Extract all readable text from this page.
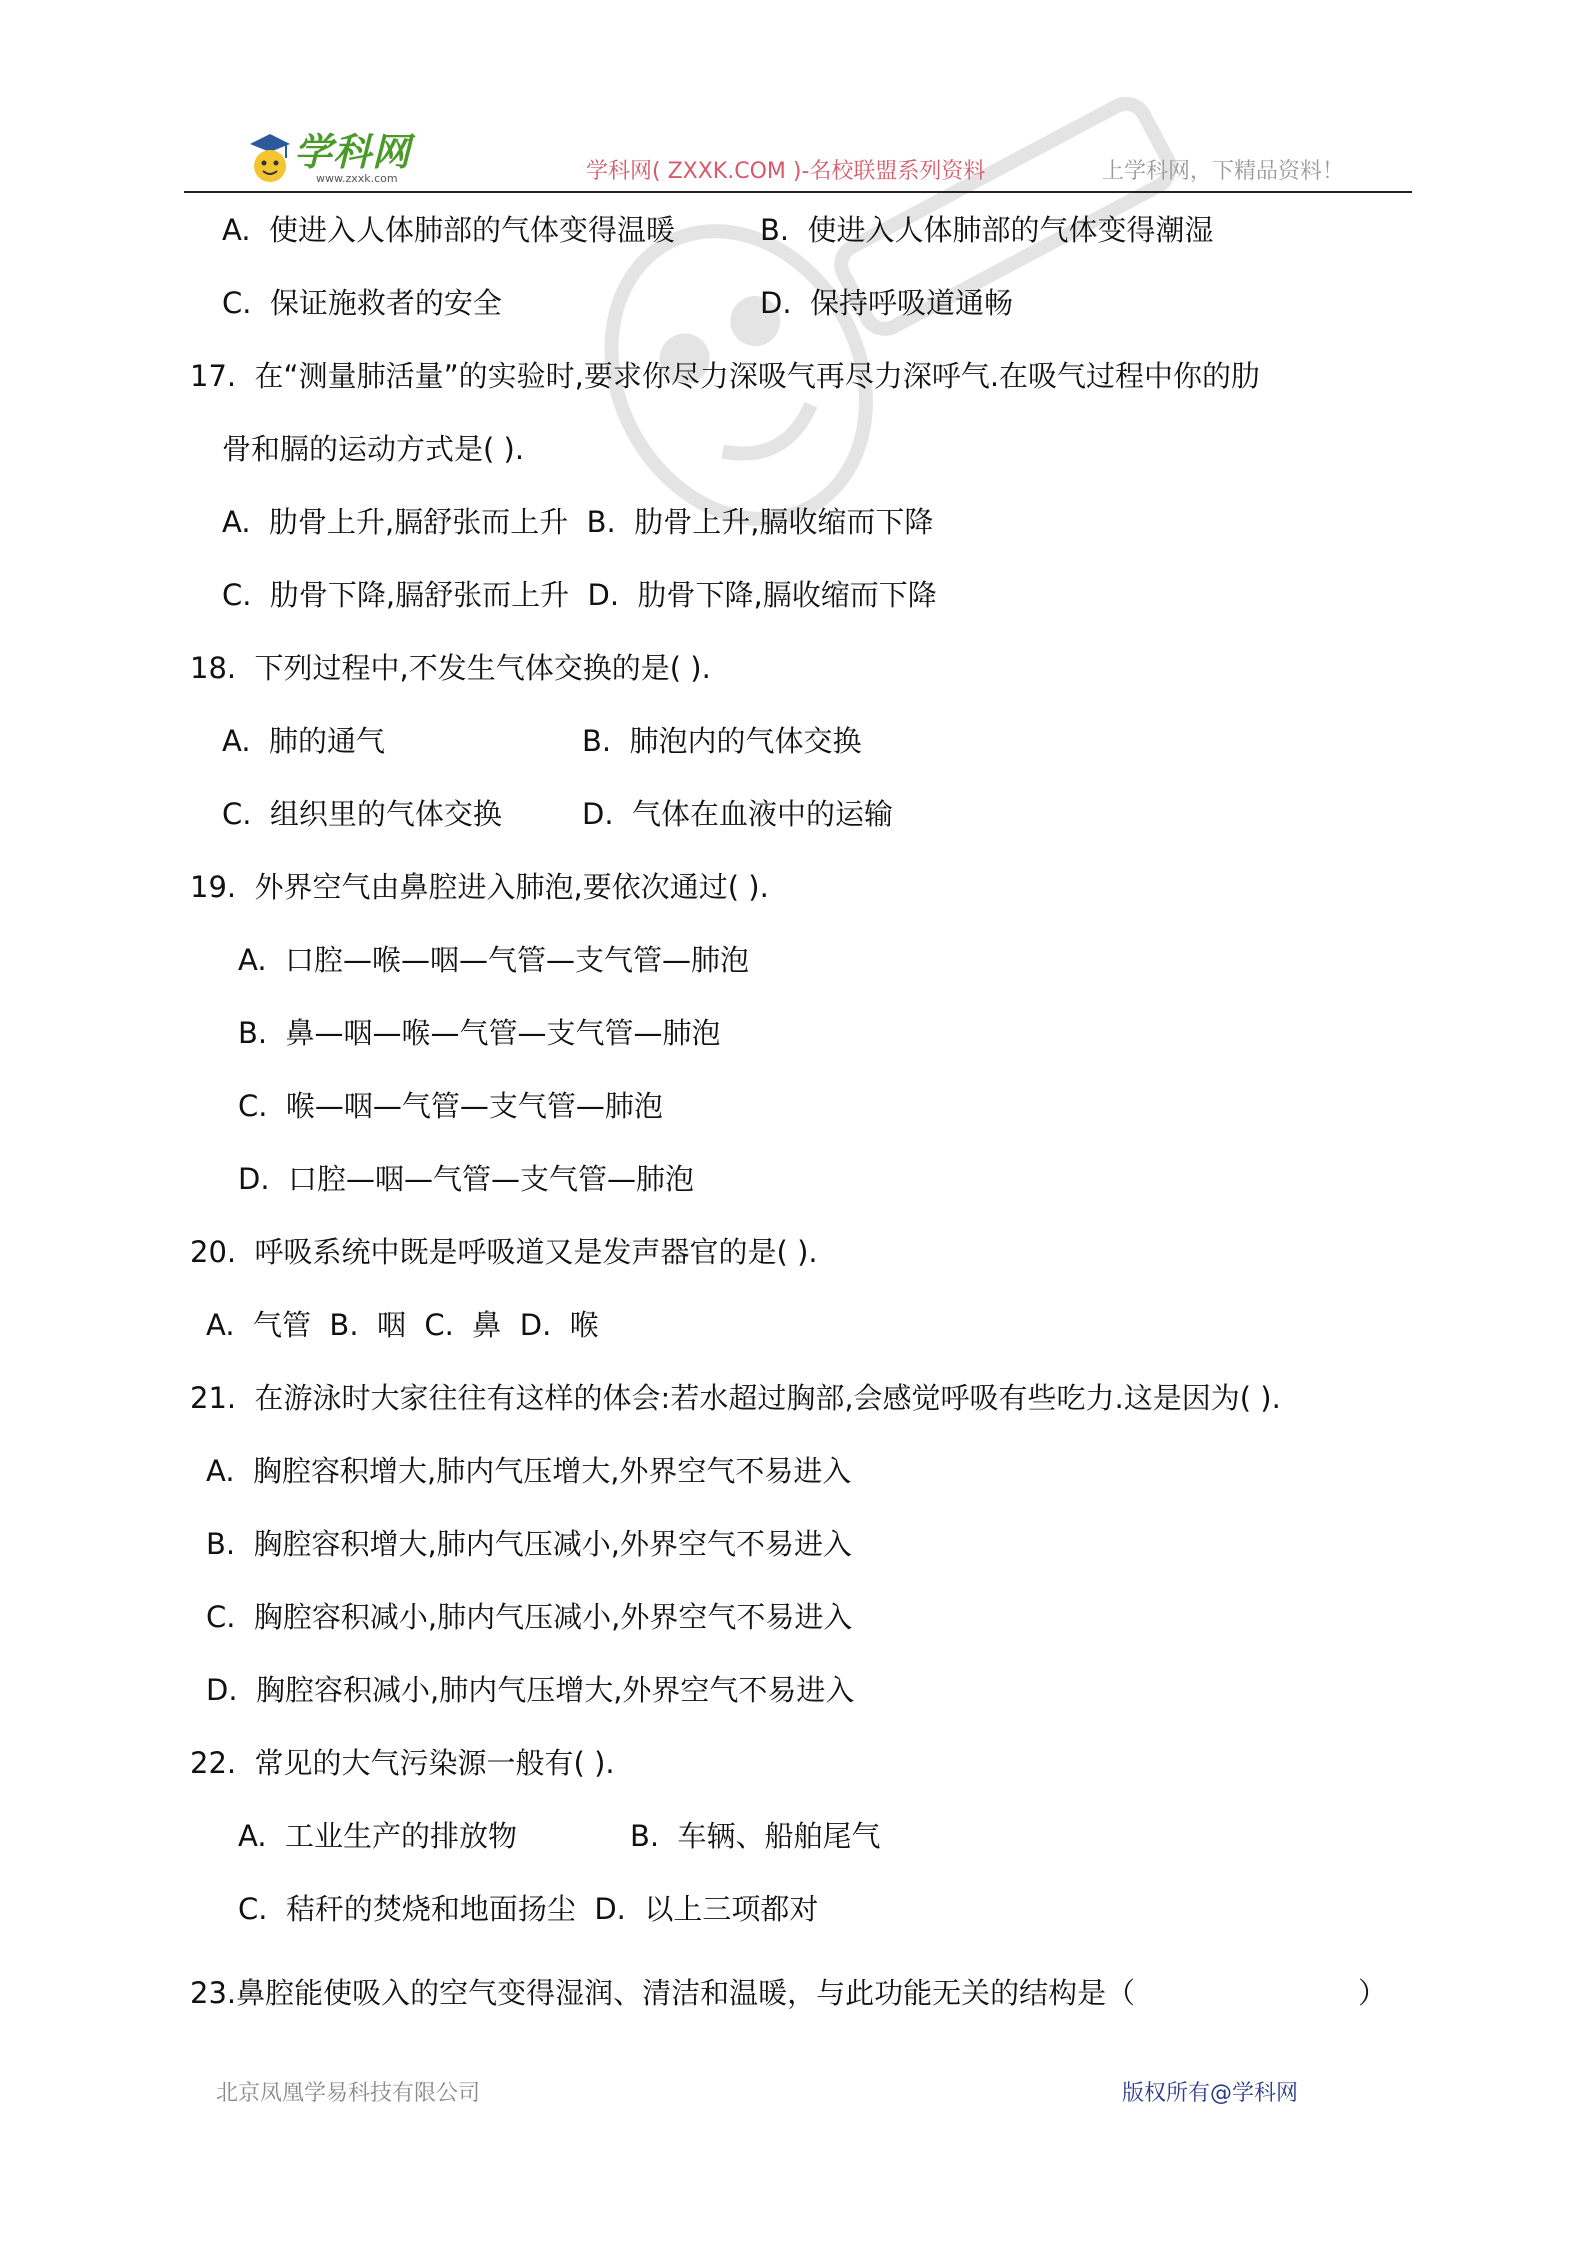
学科网
www.zxxk.com	学科网( ZXXK.COM )-名校联盟系列资料	上学科网，下精品资料！
A.  使进入人体肺部的气体变得温暖	B.  使进入人体肺部的气体变得潮湿
C.  保证施救者的安全	D.  保持呼吸道通畅
17.  在“测量肺活量”的实验时,要求你尽力深吸气再尽力深呼气.在吸气过程中你的肋
骨和膈的运动方式是( ).
A.  肋骨上升,膈舒张而上升  B.  肋骨上升,膈收缩而下降
C.  肋骨下降,膈舒张而上升  D.  肋骨下降,膈收缩而下降
18.  下列过程中,不发生气体交换的是( ).
A.  肺的通气	B.  肺泡内的气体交换
C.  组织里的气体交换	D.  气体在血液中的运输
19.  外界空气由鼻腔进入肺泡,要依次通过( ).
A.  口腔—喉—咽—气管—支气管—肺泡
B.  鼻—咽—喉—气管—支气管—肺泡
C.  喉—咽—气管—支气管—肺泡
D.  口腔—咽—气管—支气管—肺泡
20.  呼吸系统中既是呼吸道又是发声器官的是( ).
A.  气管  B.  咽  C.  鼻  D.  喉
21.  在游泳时大家往往有这样的体会:若水超过胸部,会感觉呼吸有些吃力.这是因为( ).
A.  胸腔容积增大,肺内气压增大,外界空气不易进入
B.  胸腔容积增大,肺内气压减小,外界空气不易进入
C.  胸腔容积减小,肺内气压减小,外界空气不易进入
D.  胸腔容积减小,肺内气压增大,外界空气不易进入
22.  常见的大气污染源一般有( ).
A.  工业生产的排放物	B.  车辆、船舶尾气
C.  秸秆的焚烧和地面扬尘  D.  以上三项都对
23.鼻腔能使吸入的空气变得湿润、清洁和温暖，与此功能无关的结构是（	）
北京凤凰学易科技有限公司	版权所有@学科网
